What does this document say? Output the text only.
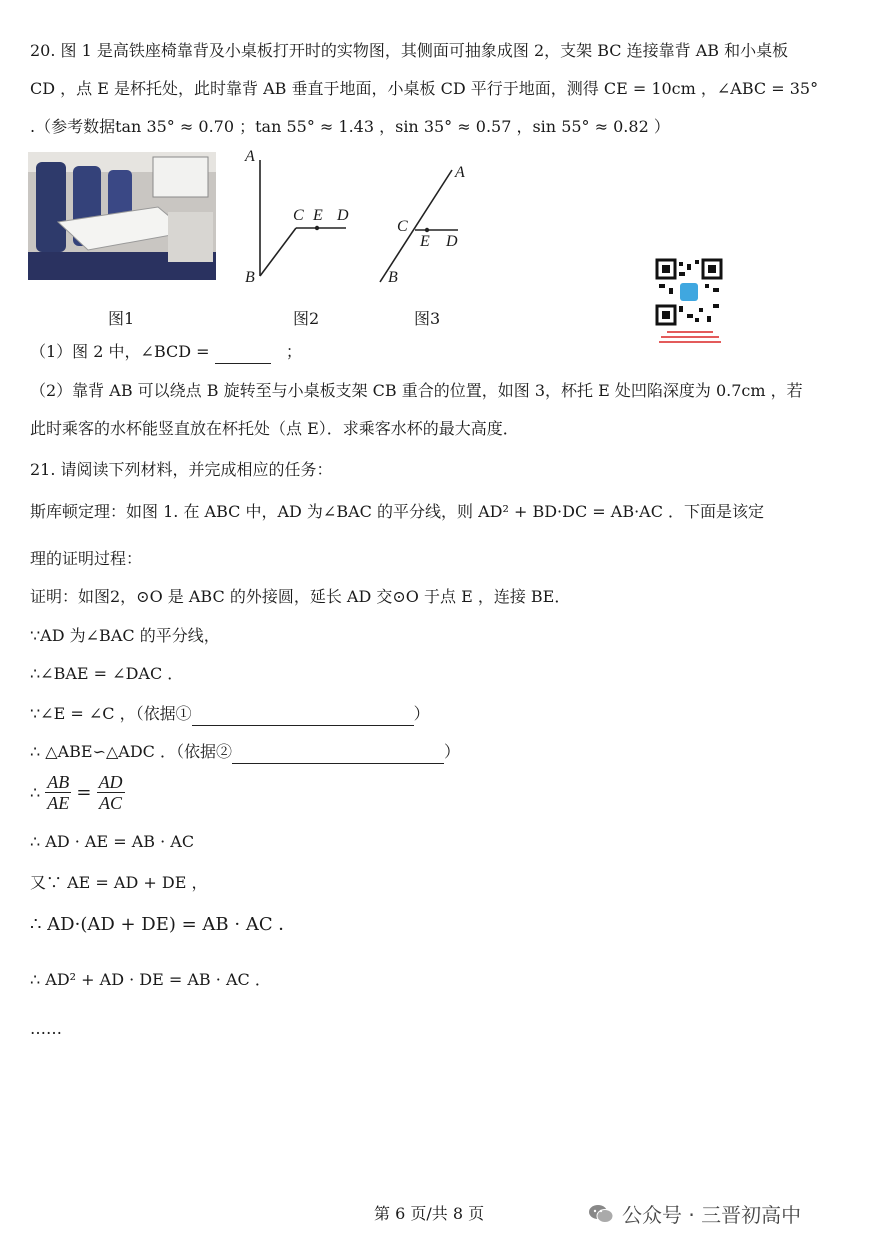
20. 图 1 是高铁座椅靠背及小桌板打开时的实物图，其侧面可抽象成图 2，支架 BC 连接靠背 AB 和小桌板
CD ，点 E 是杯托处，此时靠背 AB 垂直于地面，小桌板 CD 平行于地面，测得 CE = 10cm ，∠ABC = 35°
.（参考数据tan 35° ≈ 0.70 ；tan 55° ≈ 1.43 ，sin 35° ≈ 0.57 ，sin 55° ≈ 0.82 ）
A
B
C E D
A
B
C
E D
图1	图2	图3
（1）图 2 中，∠BCD =	；
（2）靠背 AB 可以绕点 B 旋转至与小桌板支架 CB 重合的位置，如图 3，杯托 E 处凹陷深度为 0.7cm ，若
此时乘客的水杯能竖直放在杯托处（点 E）．求乘客水杯的最大高度．
21. 请阅读下列材料，并完成相应的任务：
斯库顿定理：如图 1. 在 ABC 中，AD 为∠BAC 的平分线，则 AD² + BD·DC = AB·AC ．下面是该定
理的证明过程：
证明：如图2，⊙O 是 ABC 的外接圆，延长 AD 交⊙O 于点 E ，连接 BE．
∵AD 为∠BAC 的平分线，
∴∠BAE = ∠DAC ．
∵∠E = ∠C ，（依据①	）
∴ △ABE∽△ADC ．（依据②	）
∴ $\frac{AB}{AE} = \frac{AD}{AC}$
∴ AD · AE = AB · AC
又∵ AE = AD + DE ，
∴ AD·(AD + DE) = AB · AC ．
∴ AD² + AD · DE = AB · AC ．
……
第 6 页/共 8 页	公众号 · 三晋初高中
